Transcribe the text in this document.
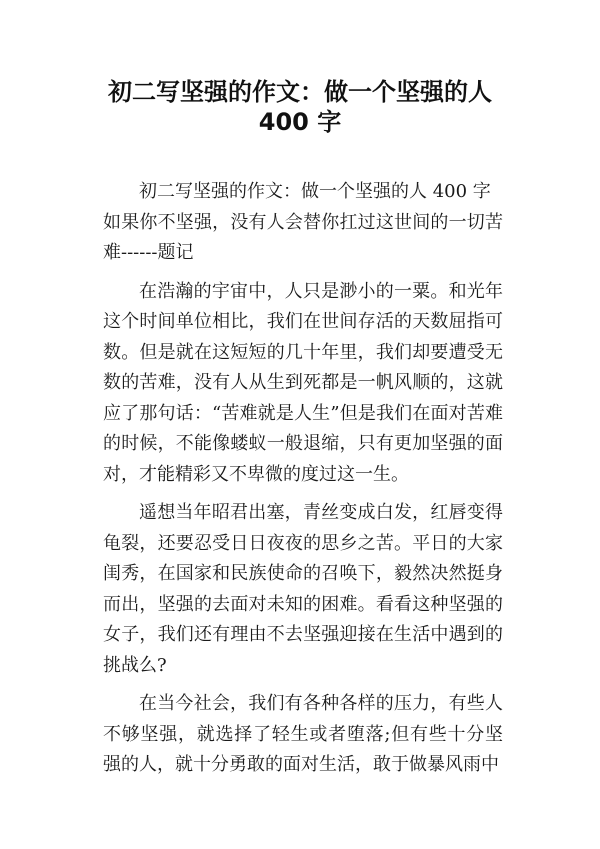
初二写坚强的作文：做一个坚强的人
400 字

初二写坚强的作文：做一个坚强的人 400 字

如果你不坚强，没有人会替你扛过这世间的一切苦难------题记

在浩瀚的宇宙中，人只是渺小的一粟。和光年这个时间单位相比，我们在世间存活的天数屈指可数。但是就在这短短的几十年里，我们却要遭受无数的苦难，没有人从生到死都是一帆风顺的，这就应了那句话：“苦难就是人生”但是我们在面对苦难的时候，不能像蝼蚁一般退缩，只有更加坚强的面对，才能精彩又不卑微的度过这一生。

遥想当年昭君出塞，青丝变成白发，红唇变得龟裂，还要忍受日日夜夜的思乡之苦。平日的大家闺秀，在国家和民族使命的召唤下，毅然决然挺身而出，坚强的去面对未知的困难。看看这种坚强的女子，我们还有理由不去坚强迎接在生活中遇到的挑战么?

在当今社会，我们有各种各样的压力，有些人不够坚强，就选择了轻生或者堕落;但有些十分坚强的人，就十分勇敢的面对生活，敢于做暴风雨中
